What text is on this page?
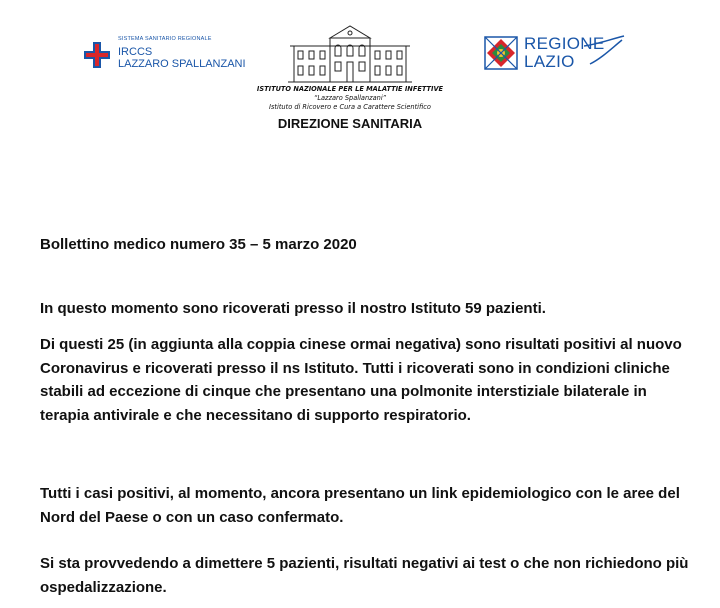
SISTEMA SANITARIO REGIONALE
IRCCS
LAZZARO SPALLANZANI
ISTITUTO NAZIONALE PER LE MALATTIE INFETTIVE
“Lazzaro Spallanzani”
Istituto di Ricovero e Cura a Carattere Scientifico
DIREZIONE SANITARIA
REGIONE
LAZIO
Bollettino medico numero 35 – 5 marzo 2020

In questo momento sono ricoverati presso il nostro Istituto 59 pazienti.

Di questi 25 (in aggiunta alla coppia cinese ormai negativa) sono risultati positivi al nuovo Coronavirus e ricoverati presso il ns Istituto. Tutti i ricoverati sono in condizioni cliniche stabili ad eccezione di cinque che presentano una polmonite interstiziale bilaterale in terapia antivirale e che necessitano di supporto respiratorio.

Tutti i casi positivi, al momento, ancora presentano un link epidemiologico con le aree del Nord del Paese o con un caso confermato.

Si sta provvedendo a dimettere 5 pazienti, risultati negativi ai test o che non richiedono più ospedalizzazione.
